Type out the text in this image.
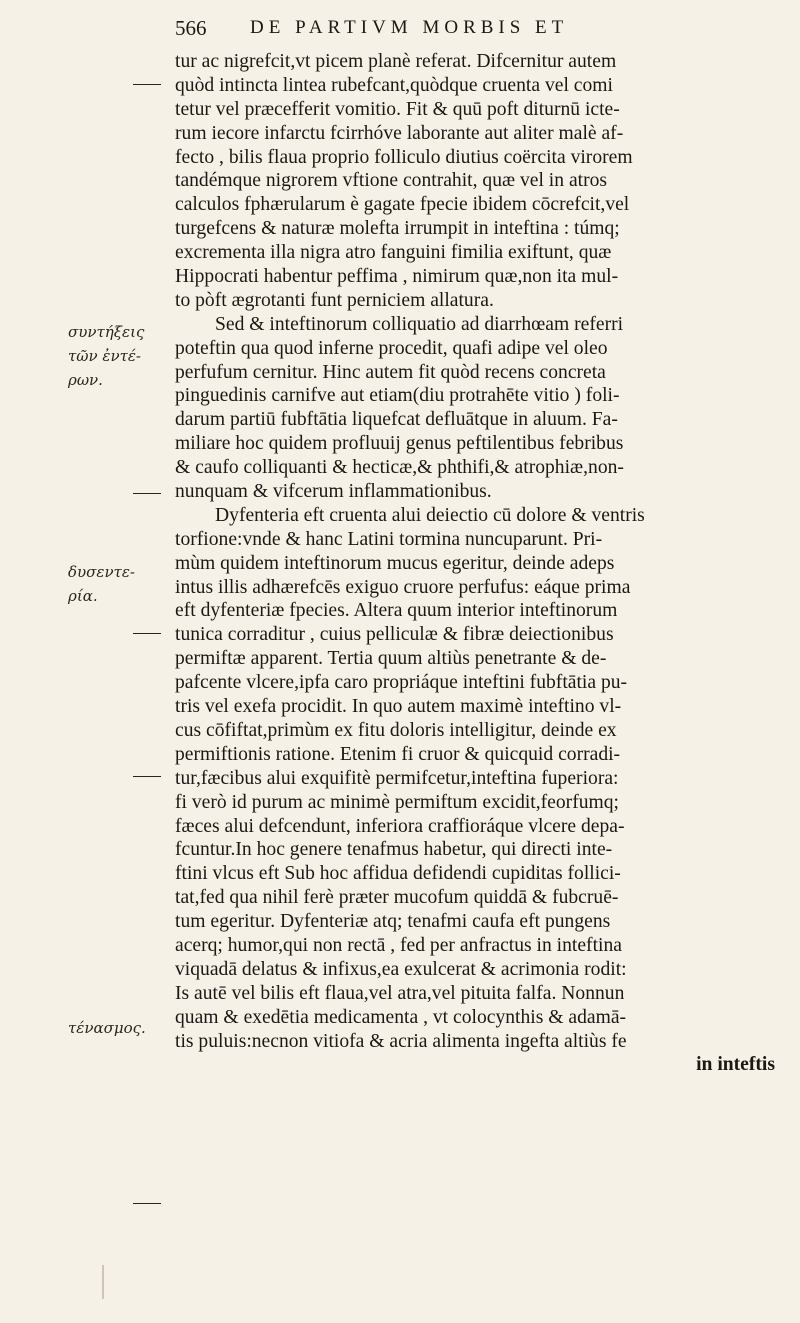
566 DE PARTIVM MORBIS ET
συντήξεις
τῶν ἐντέ-
ρων.
δυσεντε-
ρία.
τένασμος.
tur ac nigrefcit,vt picem planè referat. Difcernitur autem
quòd intincta lintea rubefcant,quòdque cruenta vel comi
tetur vel præcefferit vomitio. Fit & quū poft diturnū icte-
rum iecore infarctu fcirrhóve laborante aut aliter malè af-
fecto , bilis flaua proprio folliculo diutius coërcita virorem
tandémque nigrorem vftione contrahit, quæ vel in atros
calculos fphærularum è gagate fpecie ibidem cōcrefcit,vel
turgefcens & naturæ molefta irrumpit in inteftina : túmq;
excrementa illa nigra atro fanguini fimilia exiftunt, quæ
Hippocrati habentur peffima , nimirum quæ,non ita mul-
to pòft ægrotanti funt perniciem allatura.
Sed & inteftinorum colliquatio ad diarrhœam referri
poteftin qua quod inferne procedit, quafi adipe vel oleo
perfufum cernitur. Hinc autem fit quòd recens concreta
pinguedinis carnifve aut etiam(diu protrahēte vitio ) foli-
darum partiū fubftātia liquefcat defluātque in aluum. Fa-
miliare hoc quidem profluuij genus peftilentibus febribus
& caufo colliquanti & hecticæ,& phthifi,& atrophiæ,non-
nunquam & vifcerum inflammationibus.
Dyfenteria eft cruenta alui deiectio cū dolore & ventris
torfione:vnde & hanc Latini tormina nuncuparunt. Pri-
mùm quidem inteftinorum mucus egeritur, deinde adeps
intus illis adhærefcēs exiguo cruore perfufus: eáque prima
eft dyfenteriæ fpecies. Altera quum interior inteftinorum
tunica corraditur , cuius pelliculæ & fibræ deiectionibus
permiftæ apparent. Tertia quum altiùs penetrante & de-
pafcente vlcere,ipfa caro propriáque inteftini fubftātia pu-
tris vel exefa procidit. In quo autem maximè inteftino vl-
cus cōfiftat,primùm ex fitu doloris intelligitur, deinde ex
permiftionis ratione. Etenim fi cruor & quicquid corradi-
tur,fæcibus alui exquifitè permifcetur,inteftina fuperiora:
fi verò id purum ac minimè permiftum excidit,feorfumq;
fæces alui defcendunt, inferiora craffioráque vlcere depa-
fcuntur.In hoc genere tenafmus habetur, qui directi inte-
ftini vlcus eft Sub hoc affidua defidendi cupiditas follici-
tat,fed qua nihil ferè præter mucofum quiddā & fubcruē-
tum egeritur. Dyfenteriæ atq; tenafmi caufa eft pungens
acerq; humor,qui non rectā , fed per anfractus in inteftina
viquadā delatus & infixus,ea exulcerat & acrimonia rodit:
Is autē vel bilis eft flaua,vel atra,vel pituita falfa. Nonnun
quam & exedētia medicamenta , vt colocynthis & adamā-
tis puluis:necnon vitiofa & acria alimenta ingefta altiùs fe
in inteftis
